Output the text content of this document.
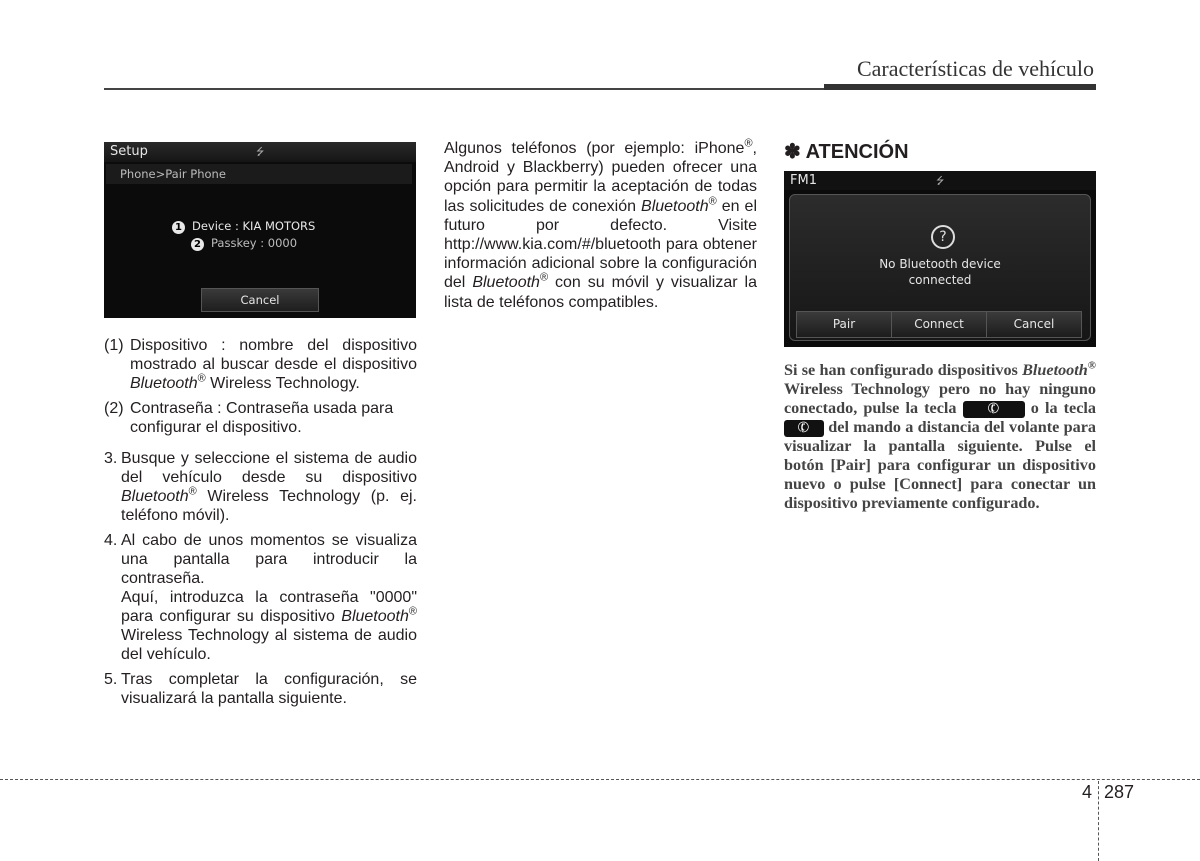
Características de vehículo
Setup	⭍
Phone>Pair Phone
1 Device : KIA MOTORS
2 Passkey : 0000
Cancel
(1) Dispositivo : nombre del dispositivo mostrado al buscar desde el dispositivo Bluetooth® Wireless Technology.
(2) Contraseña : Contraseña usada para configurar el dispositivo.
3. Busque y seleccione el sistema de audio del vehículo desde su dispositivo Bluetooth® Wireless Technology (p. ej. teléfono móvil).
4. Al cabo de unos momentos se visualiza una pantalla para introducir la contraseña.
Aquí, introduzca la contraseña "0000" para configurar su dispositivo Bluetooth® Wireless Technology al sistema de audio del vehículo.
5. Tras completar la configuración, se visualizará la pantalla siguiente.
Algunos teléfonos (por ejemplo: iPhone®, Android y Blackberry) pueden ofrecer una opción para permitir la aceptación de todas las solicitudes de conexión Bluetooth® en el futuro por defecto. Visite http://www.kia.com/#/bluetooth para obtener información adicional sobre la configuración del Bluetooth® con su móvil y visualizar la lista de teléfonos compatibles.
✽ ATENCIÓN
FM1	⭍
?
No Bluetooth device
connected
Pair	Connect	Cancel
Si se han configurado dispositivos Bluetooth® Wireless Technology pero no hay ninguno conectado, pulse la tecla ✆ o la tecla
✆ del mando a distancia del volante para visualizar la pantalla siguiente. Pulse el botón [Pair] para configurar un dispositivo nuevo o pulse [Connect] para conectar un dispositivo previamente configurado.
4 287
